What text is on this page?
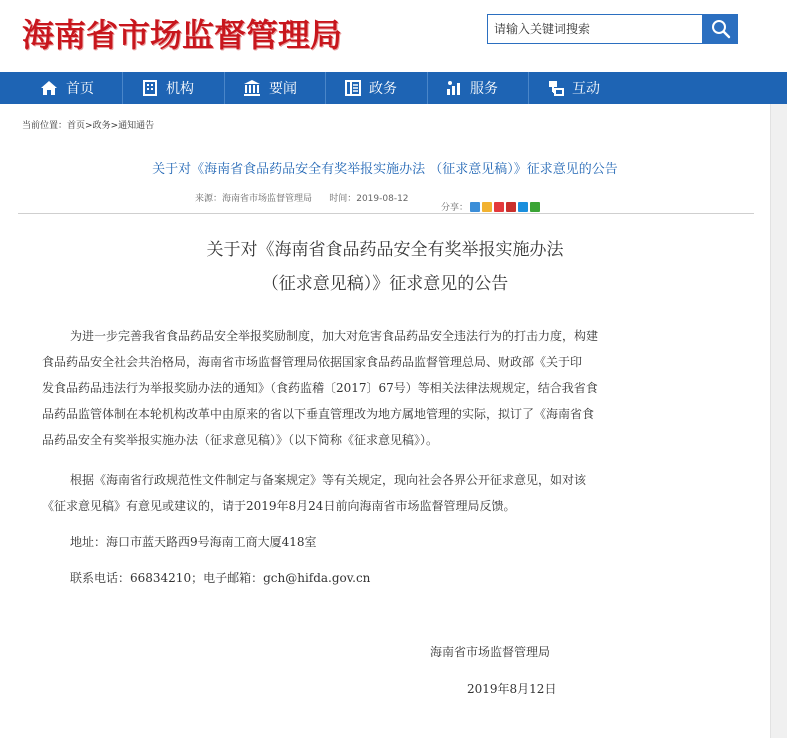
海南省市场监督管理局
请输入关键词搜索
首页	机构	要闻	政务	服务	互动
当前位置：首页>政务>通知通告
关于对《海南省食品药品安全有奖举报实施办法 （征求意见稿）》征求意见的公告
来源：海南省市场监督管理局 时间：2019-08-12
分享：
关于对《海南省食品药品安全有奖举报实施办法
（征求意见稿）》征求意见的公告
为进一步完善我省食品药品安全举报奖励制度，加大对危害食品药品安全违法行为的打击力度，构建
食品药品安全社会共治格局，海南省市场监督管理局依据国家食品药品监督管理总局、财政部《关于印
发食品药品违法行为举报奖励办法的通知》（食药监稽〔2017〕67号）等相关法律法规规定，结合我省食
品药品监管体制在本轮机构改革中由原来的省以下垂直管理改为地方属地管理的实际，拟订了《海南省食
品药品安全有奖举报实施办法（征求意见稿）》（以下简称《征求意见稿》）。
根据《海南省行政规范性文件制定与备案规定》等有关规定，现向社会各界公开征求意见，如对该
《征求意见稿》有意见或建议的，请于2019年8月24日前向海南省市场监督管理局反馈。
地址：海口市蓝天路西9号海南工商大厦418室
联系电话：66834210；电子邮箱：gch@hifda.gov.cn
海南省市场监督管理局
2019年8月12日
